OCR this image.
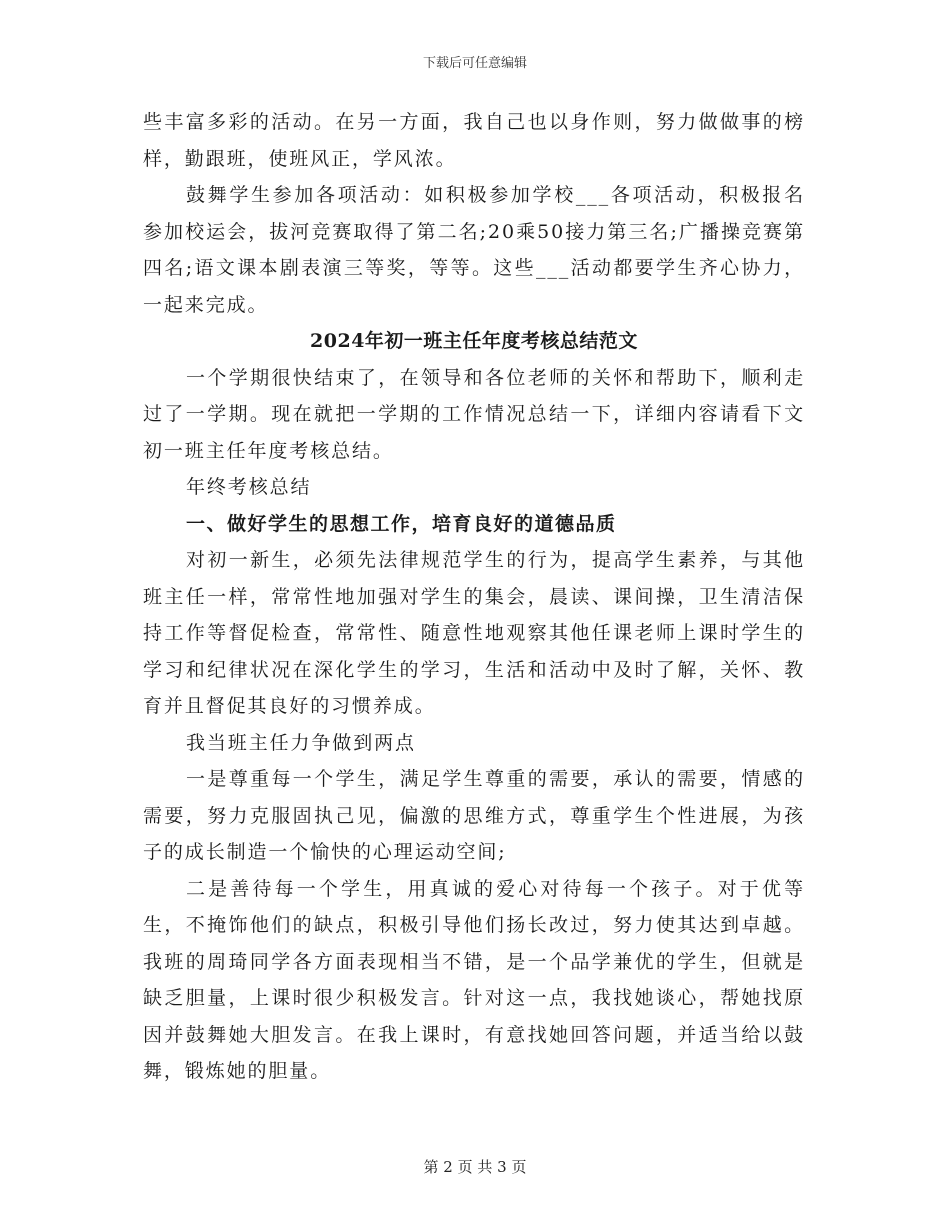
下载后可任意编辑

些丰富多彩的活动。在另一方面，我自己也以身作则，努力做做事的榜样，勤跟班，使班风正，学风浓。

鼓舞学生参加各项活动：如积极参加学校___各项活动，积极报名参加校运会，拔河竞赛取得了第二名;20乘50接力第三名;广播操竞赛第四名;语文课本剧表演三等奖，等等。这些___活动都要学生齐心协力，一起来完成。

2024年初一班主任年度考核总结范文

一个学期很快结束了，在领导和各位老师的关怀和帮助下，顺利走过了一学期。现在就把一学期的工作情况总结一下，详细内容请看下文初一班主任年度考核总结。

年终考核总结

一、做好学生的思想工作，培育良好的道德品质

对初一新生，必须先法律规范学生的行为，提高学生素养，与其他班主任一样，常常性地加强对学生的集会，晨读、课间操，卫生清洁保持工作等督促检查，常常性、随意性地观察其他任课老师上课时学生的学习和纪律状况在深化学生的学习，生活和活动中及时了解，关怀、教育并且督促其良好的习惯养成。

我当班主任力争做到两点

一是尊重每一个学生，满足学生尊重的需要，承认的需要，情感的需要，努力克服固执己见，偏激的思维方式，尊重学生个性进展，为孩子的成长制造一个愉快的心理运动空间;

二是善待每一个学生，用真诚的爱心对待每一个孩子。对于优等生，不掩饰他们的缺点，积极引导他们扬长改过，努力使其达到卓越。我班的周琦同学各方面表现相当不错，是一个品学兼优的学生，但就是缺乏胆量，上课时很少积极发言。针对这一点，我找她谈心，帮她找原因并鼓舞她大胆发言。在我上课时，有意找她回答问题，并适当给以鼓舞，锻炼她的胆量。

第 2 页 共 3 页
